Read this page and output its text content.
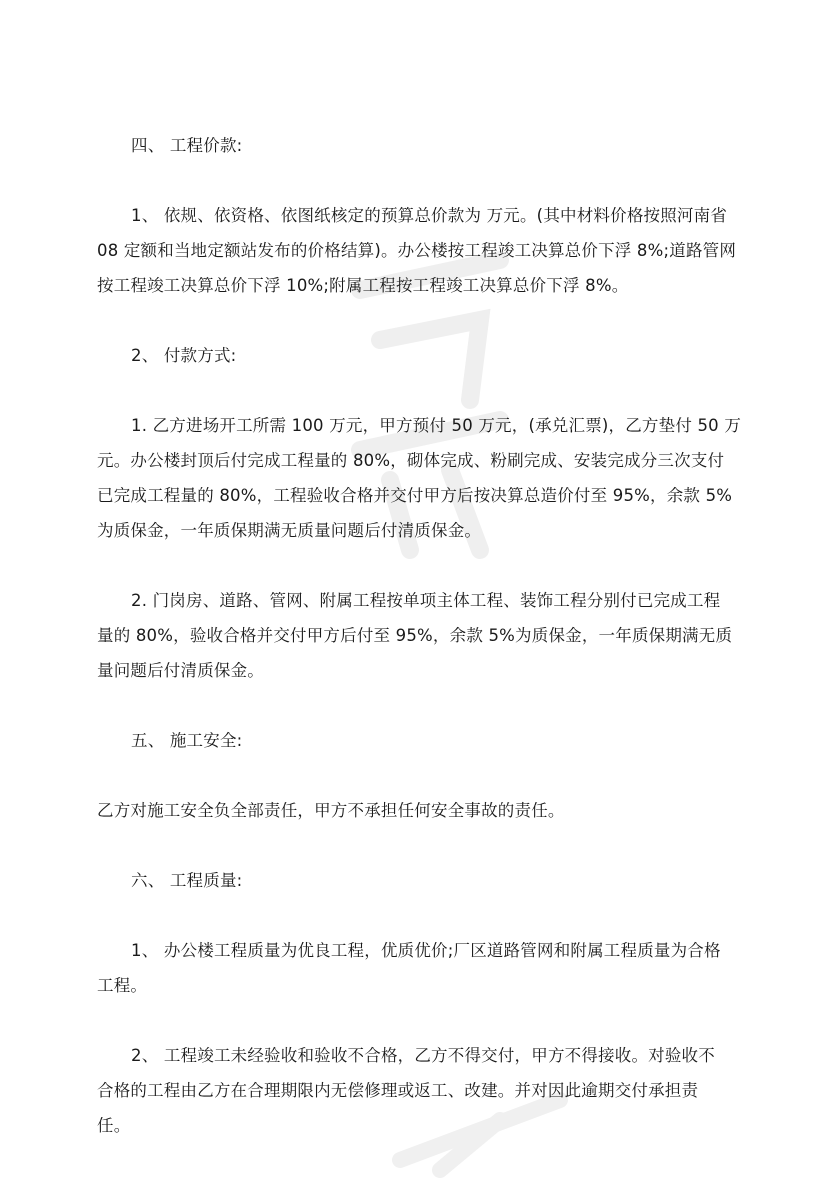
四、 工程价款:

1、 依规、依资格、依图纸核定的预算总价款为 万元。(其中材料价格按照河南省

08 定额和当地定额站发布的价格结算)。办公楼按工程竣工决算总价下浮 8%;道路管网

按工程竣工决算总价下浮 10%;附属工程按工程竣工决算总价下浮 8%。

2、 付款方式:

1. 乙方进场开工所需 100 万元，甲方预付 50 万元，(承兑汇票)，乙方垫付 50 万

元。办公楼封顶后付完成工程量的 80%，砌体完成、粉刷完成、安装完成分三次支付

已完成工程量的 80%，工程验收合格并交付甲方后按决算总造价付至 95%，余款 5%

为质保金，一年质保期满无质量问题后付清质保金。

2. 门岗房、道路、管网、附属工程按单项主体工程、装饰工程分别付已完成工程

量的 80%，验收合格并交付甲方后付至 95%，余款 5%为质保金，一年质保期满无质

量问题后付清质保金。

五、 施工安全:

乙方对施工安全负全部责任，甲方不承担任何安全事故的责任。

六、 工程质量:

1、 办公楼工程质量为优良工程，优质优价;厂区道路管网和附属工程质量为合格

工程。

2、 工程竣工未经验收和验收不合格，乙方不得交付，甲方不得接收。对验收不

合格的工程由乙方在合理期限内无偿修理或返工、改建。并对因此逾期交付承担责

任。
